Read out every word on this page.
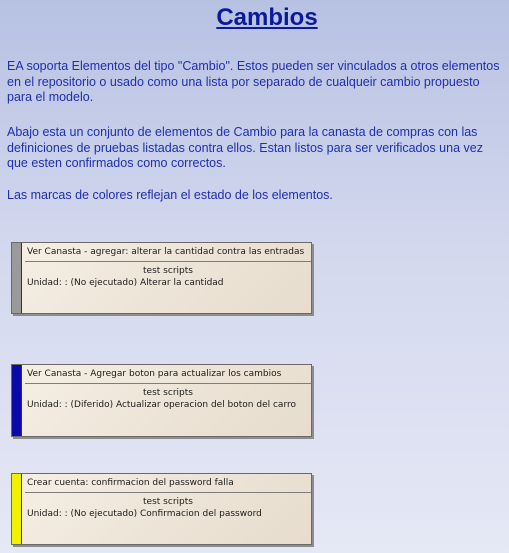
Cambios

EA soporta Elementos del tipo "Cambio". Estos pueden ser vinculados a otros elementos en el repositorio o usado como una lista por separado de cualqueir cambio propuesto para el modelo.

Abajo esta un conjunto de elementos de Cambio para la canasta de compras con las definiciones de pruebas listadas contra ellos. Estan listos para ser verificados una vez que esten confirmados como correctos.

Las marcas de colores reflejan el estado de los elementos.

Ver Canasta - agregar: alterar la cantidad contra las entradas
test scripts
Unidad: : (No ejecutado) Alterar la cantidad
Ver Canasta - Agregar boton para actualizar los cambios
test scripts
Unidad: : (Diferido) Actualizar operacion del boton del carro
Crear cuenta: confirmacion del password falla
test scripts
Unidad: : (No ejecutado) Confirmacion del password
